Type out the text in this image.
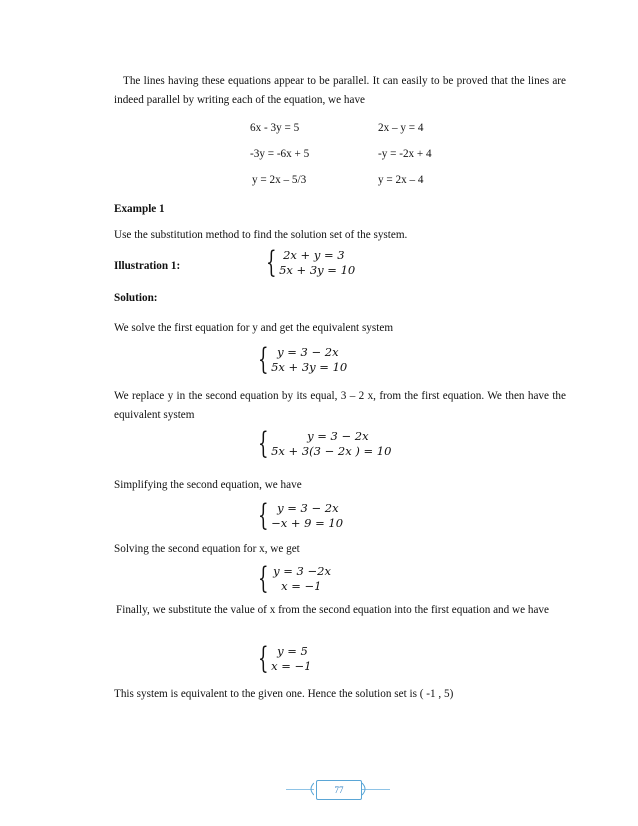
The lines having these equations appear to be parallel. It can easily to be proved that the lines are indeed parallel by writing each of the equation, we have

6x - 3y = 5	2x – y = 4
-3y = -6x + 5	-y = -2x + 4
y = 2x – 5/3	y = 2x – 4
Example 1
Use the substitution method to find the solution set of the system.
Illustration 1:	{ 2x + y = 3
5x + 3y = 10
Solution:
We solve the first equation for y and get the equivalent system
{ y = 3 − 2x
5x + 3y = 10

We replace y in the second equation by its equal, 3 – 2 x, from the first equation. We then have the equivalent system

{	y = 3 − 2x
5x + 3(3 − 2x ) = 10
Simplifying the second equation, we have
{ y = 3 − 2x
−x + 9 = 10
Solving the second equation for x, we get
{ y = 3 −2x
x = −1

Finally, we substitute the value of x from the second equation into the first equation and we have

{ y = 5
x = −1
This system is equivalent to the given one. Hence the solution set is ( -1 , 5)
77
